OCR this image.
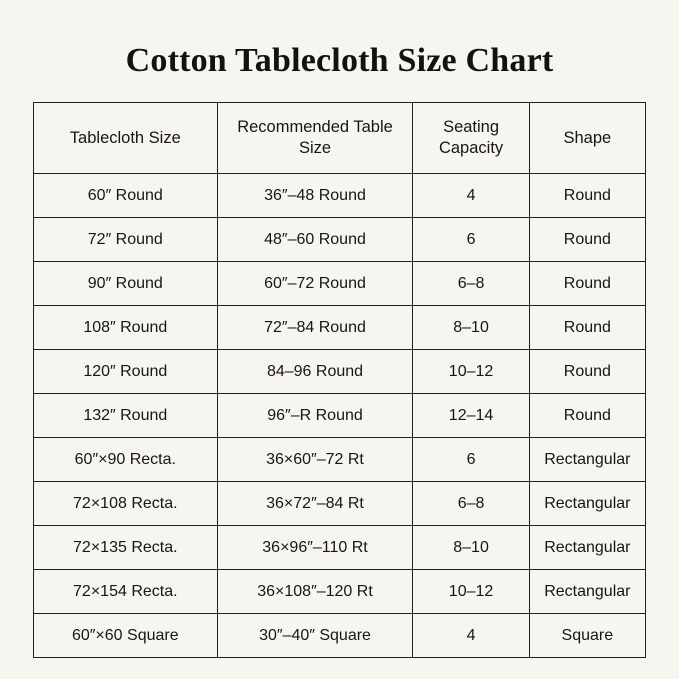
Cotton Tablecloth Size Chart
Tablecloth Size	Recommended Table Size	Seating Capacity	Shape
60″ Round	36″–48 Round	4	Round
72″ Round	48″–60 Round	6	Round
90″ Round	60″–72 Round	6–8	Round
108″ Round	72″–84 Round	8–10	Round
120″ Round	84–96 Round	10–12	Round
132″ Round	96″–R Round	12–14	Round
60″×90 Recta.	36×60″–72 Rt	6	Rectangular
72×108 Recta.	36×72″–84 Rt	6–8	Rectangular
72×135 Recta.	36×96″–110 Rt	8–10	Rectangular
72×154 Recta.	36×108″–120 Rt	10–12	Rectangular
60″×60 Square	30″–40″ Square	4	Square
